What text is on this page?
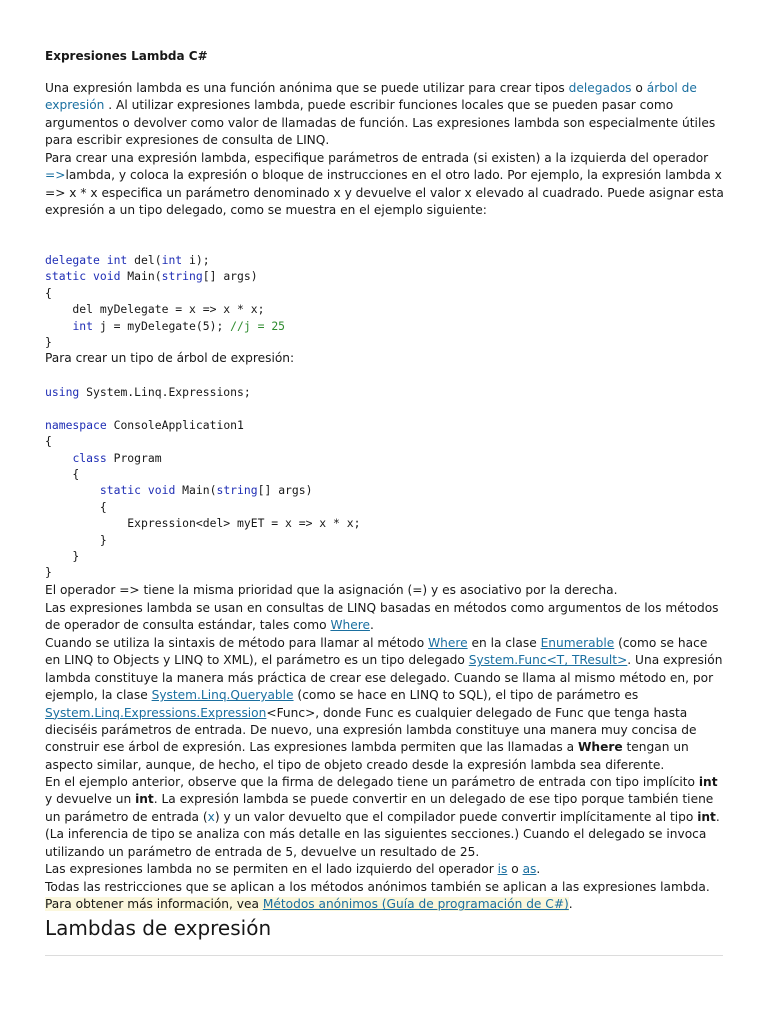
Expresiones Lambda C#

Una expresión lambda es una función anónima que se puede utilizar para crear tipos delegados o árbol de expresión . Al utilizar expresiones lambda, puede escribir funciones locales que se pueden pasar como argumentos o devolver como valor de llamadas de función. Las expresiones lambda son especialmente útiles para escribir expresiones de consulta de LINQ.

Para crear una expresión lambda, especifique parámetros de entrada (si existen) a la izquierda del operador =>lambda, y coloca la expresión o bloque de instrucciones en el otro lado. Por ejemplo, la expresión lambda x => x * x especifica un parámetro denominado x y devuelve el valor x elevado al cuadrado. Puede asignar esta expresión a un tipo delegado, como se muestra en el ejemplo siguiente:

delegate int del(int i);
static void Main(string[] args)
{
del myDelegate = x => x * x;
int j = myDelegate(5); //j = 25
}

Para crear un tipo de árbol de expresión:

using System.Linq.Expressions;

namespace ConsoleApplication1
{
class Program
{
static void Main(string[] args)
{
Expression<del> myET = x => x * x;
}
}
}

El operador => tiene la misma prioridad que la asignación (=) y es asociativo por la derecha.

Las expresiones lambda se usan en consultas de LINQ basadas en métodos como argumentos de los métodos de operador de consulta estándar, tales como Where.

Cuando se utiliza la sintaxis de método para llamar al método Where en la clase Enumerable (como se hace en LINQ to Objects y LINQ to XML), el parámetro es un tipo delegado System.Func<T, TResult>. Una expresión lambda constituye la manera más práctica de crear ese delegado. Cuando se llama al mismo método en, por ejemplo, la clase System.Linq.Queryable (como se hace en LINQ to SQL), el tipo de parámetro es System.Linq.Expressions.Expression<Func>, donde Func es cualquier delegado de Func que tenga hasta dieciséis parámetros de entrada. De nuevo, una expresión lambda constituye una manera muy concisa de construir ese árbol de expresión. Las expresiones lambda permiten que las llamadas a Where tengan un aspecto similar, aunque, de hecho, el tipo de objeto creado desde la expresión lambda sea diferente.

En el ejemplo anterior, observe que la firma de delegado tiene un parámetro de entrada con tipo implícito int y devuelve un int. La expresión lambda se puede convertir en un delegado de ese tipo porque también tiene un parámetro de entrada (x) y un valor devuelto que el compilador puede convertir implícitamente al tipo int. (La inferencia de tipo se analiza con más detalle en las siguientes secciones.) Cuando el delegado se invoca utilizando un parámetro de entrada de 5, devuelve un resultado de 25.

Las expresiones lambda no se permiten en el lado izquierdo del operador is o as.

Todas las restricciones que se aplican a los métodos anónimos también se aplican a las expresiones lambda. Para obtener más información, vea Métodos anónimos (Guía de programación de C#).

Lambdas de expresión
